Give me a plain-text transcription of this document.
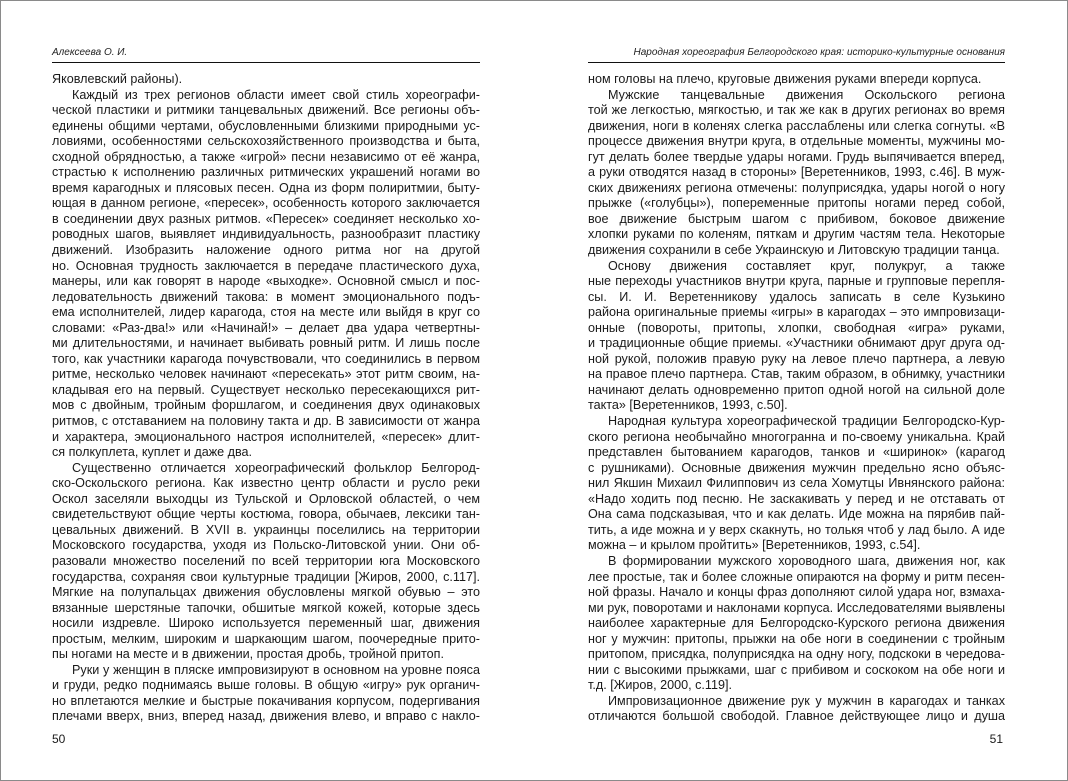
Алексеева О. И.
Яковлевский районы).
Каждый из трех регионов области имеет свой стиль хореографи-
ческой пластики и ритмики танцевальных движений. Все регионы объ-
единены общими чертами, обусловленными близкими природными ус-
ловиями, особенностями сельскохозяйственного производства и быта,
сходной обрядностью, а также «игрой» песни независимо от её жанра,
страстью к исполнению различных ритмических украшений ногами во
время карагодных и плясовых песен. Одна из форм полиритмии, быту-
ющая в данном регионе, «пересек», особенность которого заключается
в соединении двух разных ритмов. «Пересек» соединяет несколько хо-
роводных шагов, выявляет индивидуальность, разнообразит пластику
движений. Изобразить наложение одного ритма ног на другой
но. Основная трудность заключается в передаче пластического духа,
манеры, или как говорят в народе «выходке». Основной смысл и пос-
ледовательность движений такова: в момент эмоционального подъ-
ема исполнителей, лидер карагода, стоя на месте или выйдя в круг со
словами: «Раз-два!» или «Начинай!» – делает два удара четвертны-
ми длительностями, и начинает выбивать ровный ритм. И лишь после
того, как участники карагода почувствовали, что соединились в первом
ритме, несколько человек начинают «пересекать» этот ритм своим, на-
кладывая его на первый. Существует несколько пересекающихся рит-
мов с двойным, тройным форшлагом, и соединения двух одинаковых
ритмов, с отставанием на половину такта и др. В зависимости от жанра
и характера, эмоционального настроя исполнителей, «пересек» длит-
ся полкуплета, куплет и даже два.
Существенно отличается хореографический фольклор Белгород-
ско-Оскольского региона. Как известно центр области и русло реки
Оскол заселяли выходцы из Тульской и Орловской областей, о чем
свидетельствуют общие черты костюма, говора, обычаев, лексики тан-
цевальных движений. В XVII в. украинцы поселились на территории
Московского государства, уходя из Польско-Литовской унии. Они об-
разовали множество поселений по всей территории юга Московского
государства, сохраняя свои культурные традиции [Жиров, 2000, с.117].
Мягкие на полупальцах движения обусловлены мягкой обувью – это
вязанные шерстяные тапочки, обшитые мягкой кожей, которые здесь
носили издревле. Широко используется переменный шаг, движения
простым, мелким, широким и шаркающим шагом, поочередные прито-
пы ногами на месте и в движении, простая дробь, тройной притоп.
Руки у женщин в пляске импровизируют в основном на уровне пояса
и груди, редко поднимаясь выше головы. В общую «игру» рук органич-
но вплетаются мелкие и быстрые покачивания корпусом, подергивания
плечами вверх, вниз, вперед назад, движения влево, и вправо с накло-
50
Народная хореография Белгородского края: историко-культурные основания
ном головы на плечо, круговые движения руками впереди корпуса.
Мужские танцевальные движения Оскольского региона
той же легкостью, мягкостью, и так же как в других регионах во время
движения, ноги в коленях слегка расслаблены или слегка согнуты. «В
процессе движения внутри круга, в отдельные моменты, мужчины мо-
гут делать более твердые удары ногами. Грудь выпячивается вперед,
а руки отводятся назад в стороны» [Веретенников, 1993, с.46]. В муж-
ских движениях региона отмечены: полуприсядка, удары ногой о ногу
прыжке («голубцы»), попеременные притопы ногами перед собой,
вое движение быстрым шагом с прибивом, боковое движение
хлопки руками по коленям, пяткам и другим частям тела. Некоторые
движения сохранили в себе Украинскую и Литовскую традиции танца.
Основу движения составляет круг, полукруг, а также
ные переходы участников внутри круга, парные и групповые перепля-
сы. И. И. Веретенникову удалось записать в селе Кузькино
района оригинальные приемы «игры» в карагодах – это импровизаци-
онные (повороты, притопы, хлопки, свободная «игра» руками,
и традиционные общие приемы. «Участники обнимают друг друга од-
ной рукой, положив правую руку на левое плечо партнера, а левую
на правое плечо партнера. Став, таким образом, в обнимку, участники
начинают делать одновременно притоп одной ногой на сильной доле
такта» [Веретенников, 1993, с.50].
Народная культура хореографической традиции Белгородско-Кур-
ского региона необычайно многогранна и по-своему уникальна. Край
представлен бытованием карагодов, танков и «ширинок» (карагод
с рушниками). Основные движения мужчин предельно ясно объяс-
нил Якшин Михаил Филиппович из села Хомутцы Ивнянского района:
«Надо ходить под песню. Не заскакивать у перед и не отставать от
Она сама подсказывая, что и как делать. Иде можна на пярябив пай-
тить, а иде можна и у верх скакнуть, но толькя чтоб у лад было. А иде
можна – и крылом пройтить» [Веретенников, 1993, с.54].
В формировании мужского хороводного шага, движения ног, как
лее простые, так и более сложные опираются на форму и ритм песен-
ной фразы. Начало и концы фраз дополняют силой удара ног, взмаха-
ми рук, поворотами и наклонами корпуса. Исследователями выявлены
наиболее характерные для Белгородско-Курского региона движения
ног у мужчин: притопы, прыжки на обе ноги в соединении с тройным
притопом, присядка, полуприсядка на одну ногу, подскоки в чередова-
нии с высокими прыжками, шаг с прибивом и соскоком на обе ноги и
т.д. [Жиров, 2000, с.119].
Импровизационное движение рук у мужчин в карагодах и танках
отличаются большой свободой. Главное действующее лицо и душа
51
